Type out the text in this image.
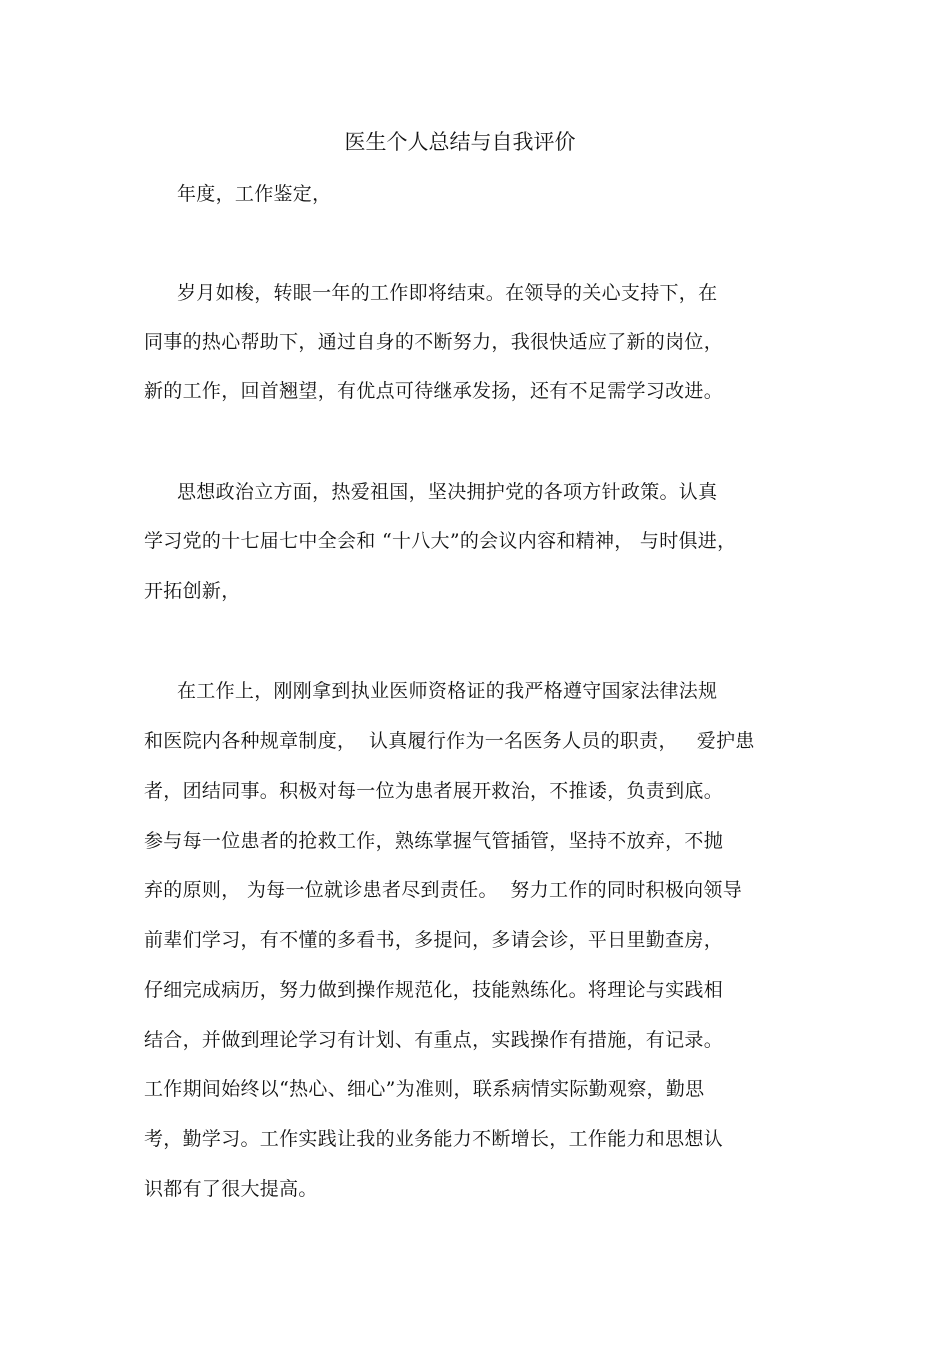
医生个人总结与自我评价
年度，工作鉴定，
岁月如梭，转眼一年的工作即将结束。在领导的关心支持下，在
同事的热心帮助下，通过自身的不断努力，我很快适应了新的岗位，
新的工作，回首翘望，有优点可待继承发扬，还有不足需学习改进。
思想政治立方面，热爱祖国，坚决拥护党的各项方针政策。认真
学习党的十七届七中全会和 “十八大”的会议内容和精神， 与时俱进，
开拓创新，
在工作上，刚刚拿到执业医师资格证的我严格遵守国家法律法规
和医院内各种规章制度，  认真履行作为一名医务人员的职责，   爱护患
者，团结同事。积极对每一位为患者展开救治，不推诿，负责到底。
参与每一位患者的抢救工作，熟练掌握气管插管，坚持不放弃，不抛
弃的原则， 为每一位就诊患者尽到责任。  努力工作的同时积极向领导
前辈们学习，有不懂的多看书，多提问，多请会诊，平日里勤查房，
仔细完成病历，努力做到操作规范化，技能熟练化。将理论与实践相
结合，并做到理论学习有计划、有重点，实践操作有措施，有记录。
工作期间始终以“热心、细心”为准则，联系病情实际勤观察，勤思
考，勤学习。工作实践让我的业务能力不断增长，工作能力和思想认
识都有了很大提高。
